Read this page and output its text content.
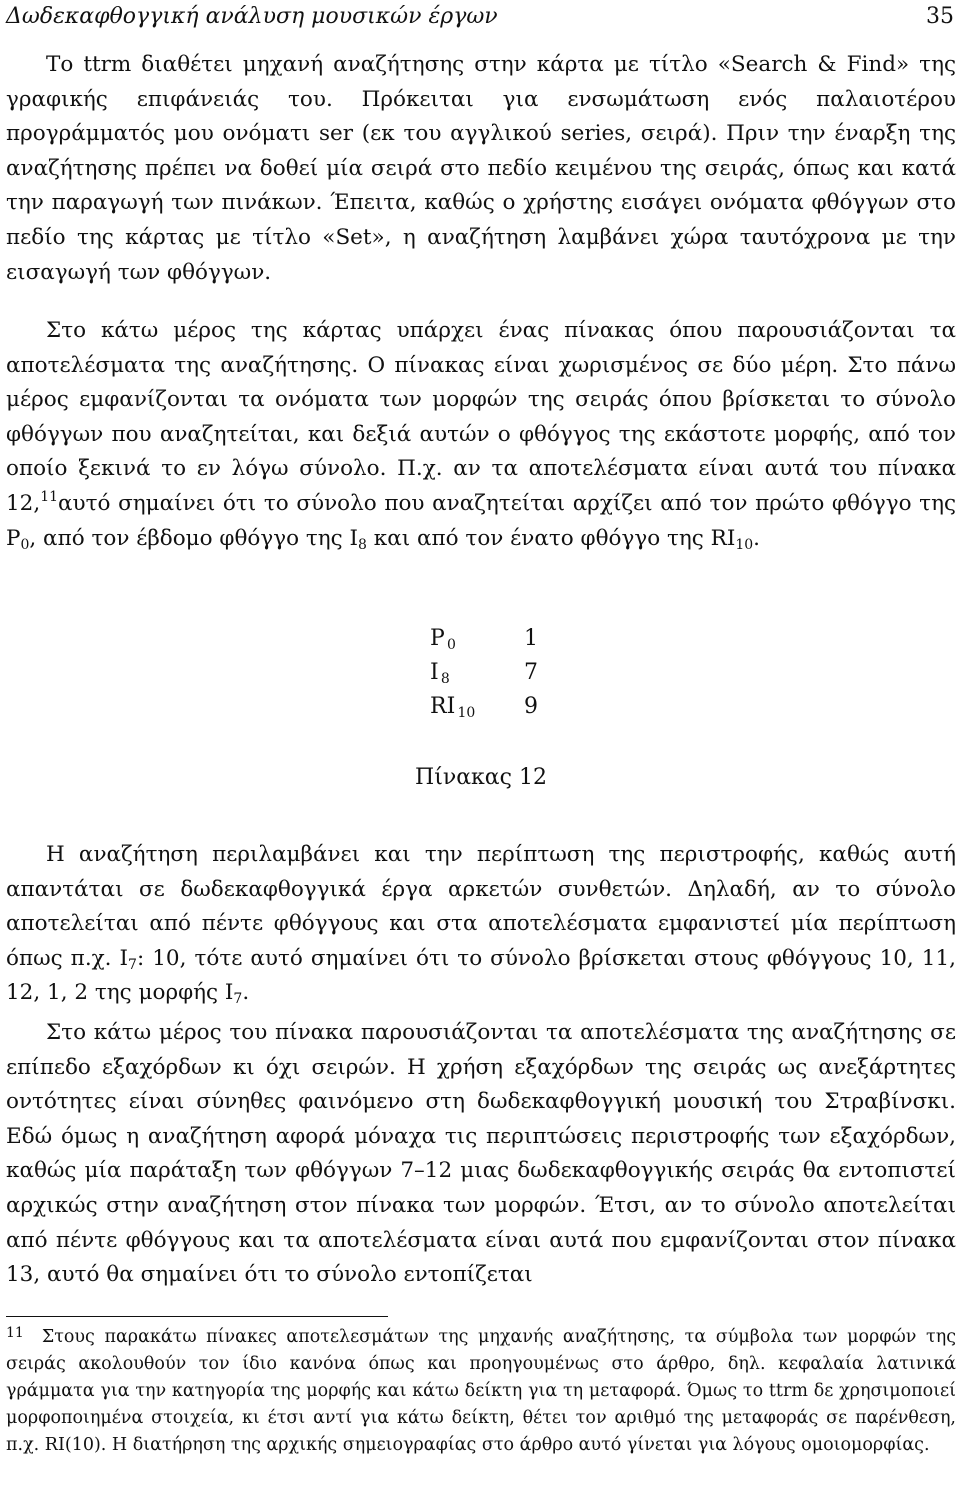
Δωδεκαφθογγική ανάλυση μουσικών έργων	35

Το ttrm διαθέτει μηχανή αναζήτησης στην κάρτα με τίτλο «Search & Find» της γραφικής επιφάνειάς του. Πρόκειται για ενσωμάτωση ενός παλαιοτέρου προγράμματός μου ονόματι ser (εκ του αγγλικού series, σειρά). Πριν την έναρξη της αναζήτησης πρέπει να δοθεί μία σειρά στο πεδίο κειμένου της σειράς, όπως και κατά την παραγωγή των πινάκων. Έπειτα, καθώς ο χρήστης εισάγει ονόματα φθόγγων στο πεδίο της κάρτας με τίτλο «Set», η αναζήτηση λαμβάνει χώρα ταυτόχρονα με την εισαγωγή των φθόγγων.

Στο κάτω μέρος της κάρτας υπάρχει ένας πίνακας όπου παρουσιάζονται τα αποτελέσματα της αναζήτησης. Ο πίνακας είναι χωρισμένος σε δύο μέρη. Στο πάνω μέρος εμφανίζονται τα ονόματα των μορφών της σειράς όπου βρίσκεται το σύνολο φθόγγων που αναζητείται, και δεξιά αυτών ο φθόγγος της εκάστοτε μορφής, από τον οποίο ξεκινά το εν λόγω σύνολο. Π.χ. αν τα αποτελέσματα είναι αυτά του πίνακα 12,11αυτό σημαίνει ότι το σύνολο που αναζητείται αρχίζει από τον πρώτο φθόγγο της $P_0$, από τον έβδομο φθόγγο της $I_8$ και από τον ένατο φθόγγο της $RI_{10}$.

P  $_0$	1
I  $_8$	7
RI  $_{10}$ 9
Πίνακας 12

Η αναζήτηση περιλαμβάνει και την περίπτωση της περιστροφής, καθώς αυτή απαντάται σε δωδεκαφθογγικά έργα αρκετών συνθετών. Δηλαδή, αν το σύνολο αποτελείται από πέντε φθόγγους και στα αποτελέσματα εμφανιστεί μία περίπτωση όπως π.χ. $I_7$: 10, τότε αυτό σημαίνει ότι το σύνολο βρίσκεται στους φθόγγους 10, 11, 12, 1, 2 της μορφής $I_7$.

Στο κάτω μέρος του πίνακα παρουσιάζονται τα αποτελέσματα της αναζήτησης σε επίπεδο εξαχόρδων κι όχι σειρών. Η χρήση εξαχόρδων της σειράς ως ανεξάρτητες οντότητες είναι σύνηθες φαινόμενο στη δωδεκαφθογγική μουσική του Στραβίνσκι. Εδώ όμως η αναζήτηση αφορά μόναχα τις περιπτώσεις περιστροφής των εξαχόρδων, καθώς μία παράταξη των φθόγγων 7–12 μιας δωδεκαφθογγικής σειράς θα εντοπιστεί αρχικώς στην αναζήτηση στον πίνακα των μορφών. Έτσι, αν το σύνολο αποτελείται από πέντε φθόγγους και τα αποτελέσματα είναι αυτά που εμφανίζονται στον πίνακα 13, αυτό θα σημαίνει ότι το σύνολο εντοπίζεται

$^{11}$ Στους παρακάτω πίνακες αποτελεσμάτων της μηχανής αναζήτησης, τα σύμβολα των μορφών της σειράς ακολουθούν τον ίδιο κανόνα όπως και προηγουμένως στο άρθρο, δηλ. κεφαλαία λατινικά γράμματα για την κατηγορία της μορφής και κάτω δείκτη για τη μεταφορά. Όμως το ttrm δε χρησιμοποιεί μορφοποιημένα στοιχεία, κι έτσι αντί για κάτω δείκτη, θέτει τον αριθμό της μεταφοράς σε παρένθεση, π.χ. RI(10). Η διατήρηση της αρχικής σημειογραφίας στο άρθρο αυτό γίνεται για λόγους ομοιομορφίας.
